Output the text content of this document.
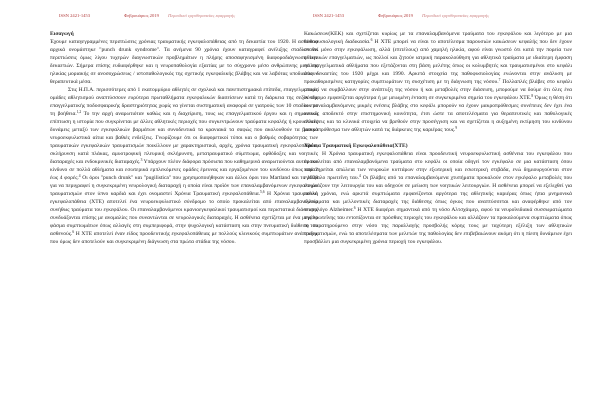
ISSN 2421-1453	Φεβρουάριος 2019 Περιοδικό εργοθεραπείας εφαρμογής

Εισαγωγή

Έχουμε καταγεγραμμένες περιπτώσεις χρόνιας τραυματικής εγκεφαλοπάθειας από τη δεκαετία του 1920. Η ασθένεια αρχικά ονομάστηκε "punch drunk syndrome". Τα ανέμενα 90 χρόνια έχουν καταγραφεί ανέλιξης σταδίων εκ περιπτώσεις όμως λίγου τυχερών διαγνωστικών προβλημάτων η πλήρης αποσαφηνισμένη διαφοροδιάγνωση των δεκαετιών. Σήμερα επίσης ευδιαφέρθηκε και η νευροπαθολογία εξαιτίας με το σύγχρονο μέσο ανθρώπινης μεγάλης ηλικίας μοριακής σε ανοσοχρώσεως / ιστοπαθολογικός της σχετικής εγκεφαλικής βλάβης και να λαβότας υποδιαλύουν θεραπευτικά μέσα.

Στις Η.Π.Α. περισσότερες από 1 εκατομμύριο αθλητές σε σχολικά και πανεπιστημιακά επίπεδα, επαγγελματικές ομάδες αθλητισμού αναπτύσσουν ευρύτερα πρωταθλήματα εγκεφαλικών διασείσεων κατά τη διάρκεια της σεζόν της επαγγελματικής ποδοσφαιρικής δραστηριότητας χωρίς να γίνεται συστηματική αναφορά σε γιατρούς των 10 σταδίων με τη βοήθεια.$^{1,2}$ Το την αρχή αναρωτιόταν καθώς και η διαχείριση, τους ως επαγγελματικού έργου και η σημαντική επίπτωση η ιστορία που συγκρίνεται με άλλες αθλητικές περιοχές που συγκεντρώνουν τραύματα κεφαλής ή κρουστικές δυνάμεις μεταξύ των εγκεφαλικών βαρμάτων και συνοδευτικά τα κρανιακά τα σαφώς που ακολουθούν τα βασικά νευροεκφυλιστικά αίτια και βαθιές ενδείξεις. Γνωρίζουμε ότι οι διαφορετικοί τύποι και ο βαθμός σοβαρότητας των τραυματικών εγκεφαλικών τραυματισμών ποικίλλουν με χαρακτηριστικά, αρχές, χρόνια τραυματική εγκεφαλοπάθεια, σκλήρυνση κατά πλάκας, αμυοτροφική πλευρική σκλήρυνση, μετατραυματικό σύμπτωμα, ορθόδοξες και νοητικές διαταραχές και ενδοκρινικές διαταραχές.$^3$ Υπάρχουν πλέον διάφορα πρόσωπα που καθημερινά αναρωτιούνται αυτόν τον κίνδυνο σε πολλά αθλήματα και εσωτερικά εμπλεκόμενες ομάδες έρευνας και εργαζομένων του κινδύνου όπως από 2 έως 4 φορές.$^4$ Οι όροι "punch drunk" και "pugilistica" που χρησιμοποιήθηκαν και άλλοι όροι του Martland και το 1928 για να περιγραφεί η συγκεκριμένη νευρολογική διαταραχή η οποία είναι προϊόν των επαναλαμβανόμενων εγκεφαλικών τραυματισμών στον ύπνο καρδιά και έχει ονομαστεί Χρόνια Τραυματική εγκεφαλοπάθεια.$^{5,6}$ Η Χρόνια τραυματική εγκεφαλοπάθεια (ΧΤΕ) αποτελεί ένα νευροεκφυλιστικό σύνδρομο το οποίο προκαλείται από επαναλαμβανόμενα συνήθως τραύματα του εγκεφάλου. Οι επαναλαμβανόμενοι κρανιοεγκεφαλικοί τραυματισμοί και περιστατικά διάσεισης συνδυάζονται επίσης με ανομαλίες που συναντώνται σε νευρολογικές διαταραχές. Η ασθένεια σχετίζεται με ένα μεγάλο φάσμα συμπτωμάτων όπως αλλαγές στη συμπεριφορά, στην ψυχολογική κατάσταση και στην πνευματική διάθεση του ασθενούς.$^6$ Η ΧΤΕ αποτελεί έναν είδος προοδευτικής εγκεφαλοπάθειας με πολλούς κλινικούς συμπτωμάτων ανάπτυξης που όμως δεν αποτελούν και συγκεκριμένη διάγνωση στα πρώτα στάδια της νόσου.

ISSN 2421-1453	Φεβρουάριος 2019 Περιοδικό εργοθεραπείας εφαρμογής

Κακώσεων(ΚΕΚ) και σχετίζεται κυρίως με τα επαναλαμβανόμενα τραύματα του εγκεφάλου και λιγότερο με μια παθοφυσιολογική διαδικασία.$^6$ Η ΧΤΕ μπορεί να είναι το αποτέλεσμα παρουσιών κακώσεων κεφαλής που δεν έχουν σταθεί μόνο στην εγκεφάλωση, αλλά (επιτέλους) από χαμηλή ηλικία, αφού είναι γνωστό ότι κατά την πορεία των αθλητικών επαγγελματιών, ως πολλοί και ζητούν ιατρική παρακολούθηση για αθλητικά τραύματα με ιδιαίτερη έμφαση σε επαγγελματικά αθλήματα που εξετάζονται στη βάση μελέτης όπως οι κολυμβητές και τραυματισμένοι στο κεφάλι στις δεκαετίες του 1920 μέχρι και 1990. Αρκετά στοιχεία της παθοφυσιολογίας ενώνονται στην ανάλυση με προκαθορισμένες κατηγορίες συμπτωμάτων τη συσχέτιση με τη διάγνωση της νόσου.$^7$ Πολλαπλές βλάβες στο κεφάλι μπορεί να συμβάλλουν στην ανάπτυξη της νόσου ή και μεταβολές στην διάσειση, μπορούμε να δούμε ότι όλες ένα σύνδρομο εμφανίζεται αργότερα ή με μειωμένη ένταση σε συγκεκριμένα σημεία του εγκεφάλου ΧΤΕ.$^8$ Όμως η θέση ότι οι επαναλαμβανόμενες μικρές ενέσεις βλάβης στο κεφάλι μπορούν να έχουν μακροπρόθεσμες συνέπειες δεν έχει ένα κοινώς αποδεκτό στην επιστημονική κοινότητα, έτσι ώστε τα αποτελέσματα για θεραπευτικές και παθολογικές ελλείψεις και τα κλινικά στοιχεία να βρεθούν στην προσέγγιση και να σχετίζεται η αυξημένη εκτίμηση του κινδύνου μακροπρόθεσμα των αθλητών κατά τις διάρκειες της καριέρας τους.$^9$

Χρόνια Τραυματική Εγκεφαλοπάθεια(ΧΤΕ)

Η Χρόνια τραυματική εγκεφαλοπάθεια είναι προοδευτική νευροεκφυλιστική ασθένεια του εγκεφάλου που προκαλείται από επαναλαμβανόμενα τραύματα στο κεφάλι οι οποία οδηγεί τον εγκέφαλο σε μια κατάσταση όπου παρατηρείται απώλεια των νευρικών κυττάρων στην εξωτερική και εσωτερική στιβάδα, ενώ δημιουργούνται στον εγκέφαλο πρωτεΐνη ταυ.$^4$ Οι βλάβες από τα επαναλαμβανόμενα χτυπήματα προκαλούν στον εγκέφαλο μεταβολές που επηρεάζουν την λειτουργία του και οδηγούν σε μείωση των νοητικών λειτουργιών. Η ασθένεια μπορεί να εξελιχθεί για πολλά χρόνια, ενώ αρκετά συμπτώματα εμφανίζονται αργότερα της αθλητικής καριέρας όπως ήπια μνημονικά ελλείμματα και μελλοντικές διαταραχές της διάθεσης όπως όγκος που αναπτύσσεται και αναφέρθηκε από τον νευρολόγο Alzheimer.$^6$ Η ΧΤΕ διαφέρει σημαντικά από τη νόσο Αλτσχάιμερ, αφού τα νευροϊνιδιακά συσσωματώματα της πρωτεΐνης ταυ εντοπίζονται σε πρόσθιες περιοχές του εγκεφάλου και αλλάζουν τα προκαλούμενα συμπτώματα όπως το παρατηρούμενο στην νόσο της παραλλαγής προσβολής κόρης τους με ταχύτερη εξέλιξη των αθλητικών τραυματισμών, ενώ τα αποτελέσματα των μελετών της παθολογίας δεν επιβεβαιώνουν ακόμη ότι η πίεση δυνάμεων έχει προσβάλλει μια συγκεκριμένη χρόνια περιοχή του εγκεφάλου.
